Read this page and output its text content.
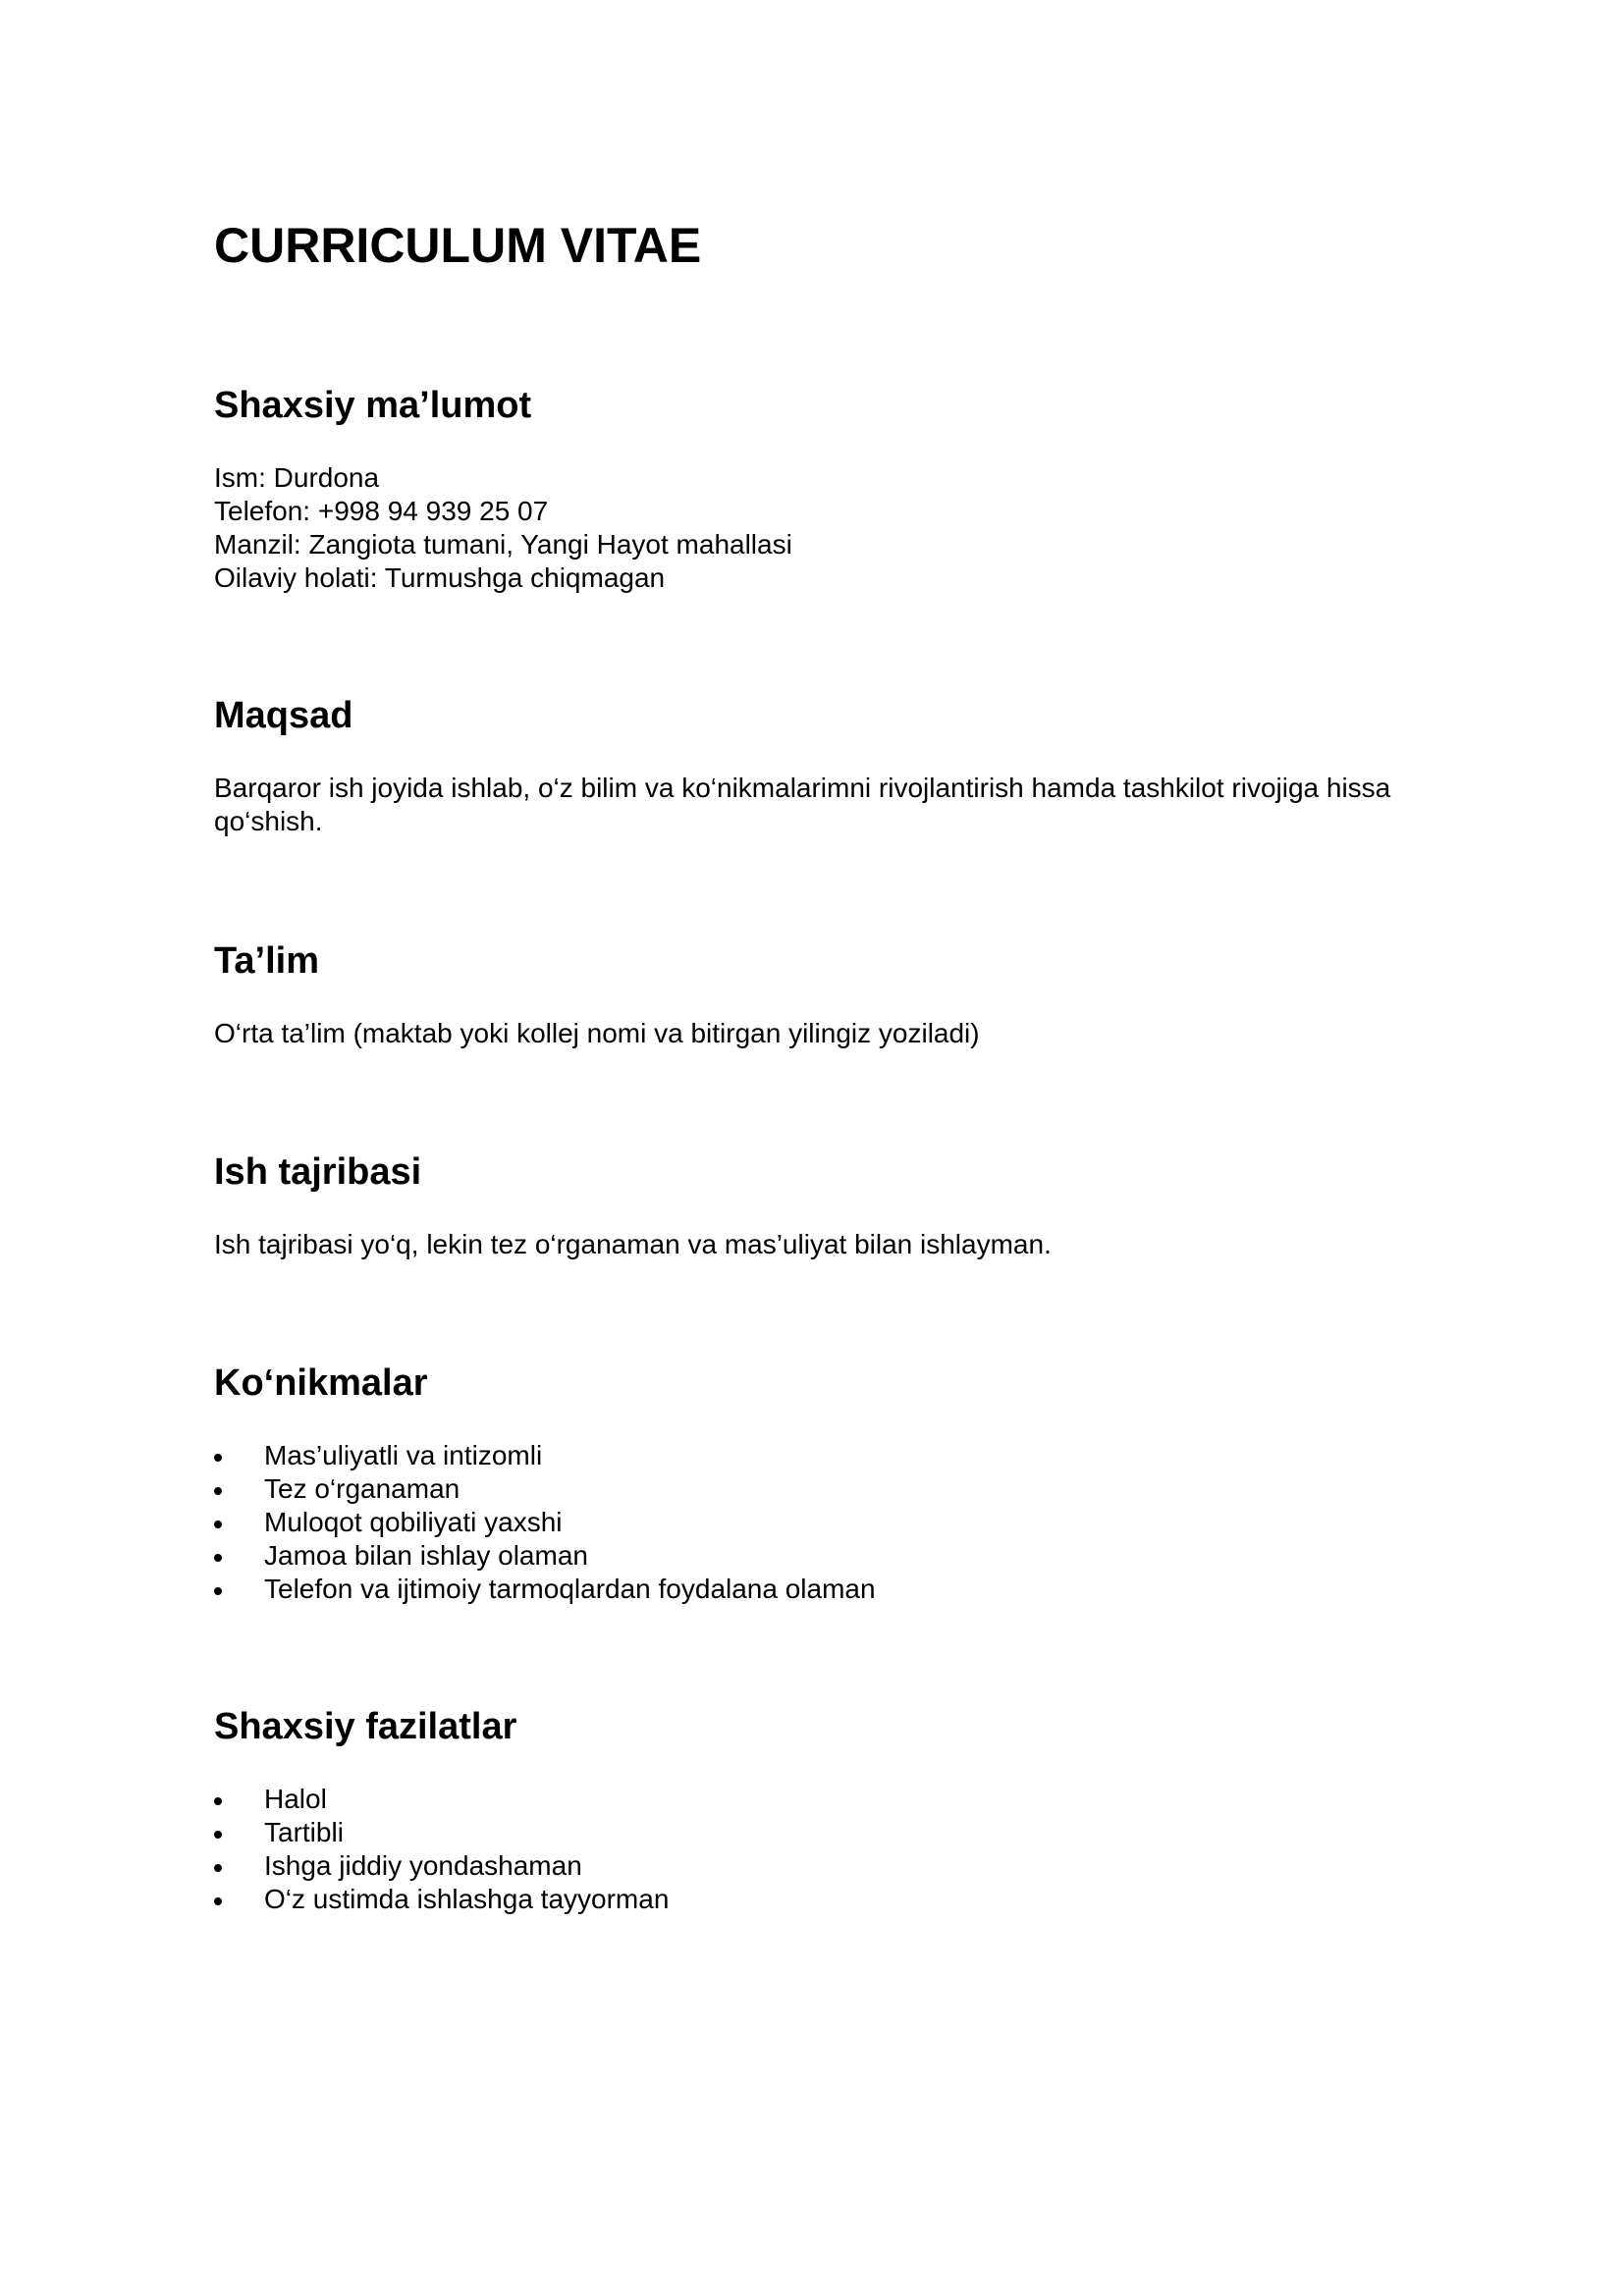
CURRICULUM VITAE
Shaxsiy ma’lumot
Ism: Durdona
Telefon: +998 94 939 25 07
Manzil: Zangiota tumani, Yangi Hayot mahallasi
Oilaviy holati: Turmushga chiqmagan
Maqsad
Barqaror ish joyida ishlab, o‘z bilim va ko‘nikmalarimni rivojlantirish hamda tashkilot rivojiga hissa
qo‘shish.
Ta’lim
O‘rta ta’lim (maktab yoki kollej nomi va bitirgan yilingiz yoziladi)
Ish tajribasi
Ish tajribasi yo‘q, lekin tez o‘rganaman va mas’uliyat bilan ishlayman.
Ko‘nikmalar
Mas’uliyatli va intizomli
Tez o‘rganaman
Muloqot qobiliyati yaxshi
Jamoa bilan ishlay olaman
Telefon va ijtimoiy tarmoqlardan foydalana olaman
Shaxsiy fazilatlar
Halol
Tartibli
Ishga jiddiy yondashaman
O‘z ustimda ishlashga tayyorman
